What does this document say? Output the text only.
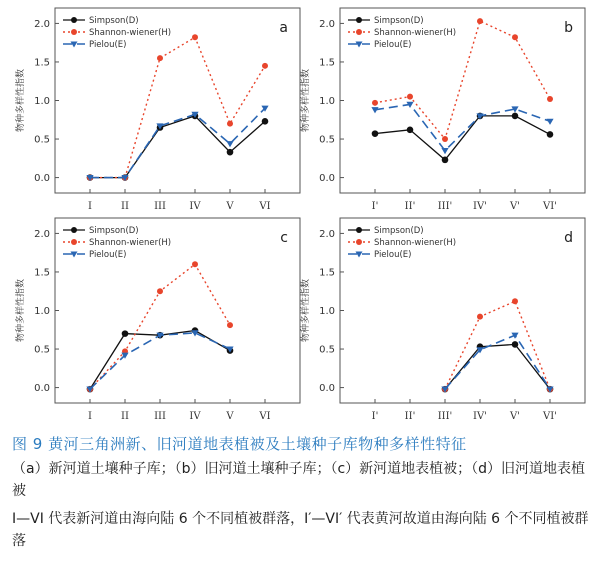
0.0
0.5
1.0
1.5
2.0
I	II	III IV	V	VI
物种多样性指数
a
Simpson(D)
Shannon-wiener(H)
Pielou(E)
0.0
0.5
1.0
1.5
2.0
I'	II' III' IV' V' VI'
物种多样性指数
b
Simpson(D)
Shannon-wiener(H)
Pielou(E)
0.0
0.5
1.0
1.5
2.0
I	II	III IV	V	VI
物种多样性指数
c
Simpson(D)
Shannon-wiener(H)
Pielou(E)
0.0
0.5
1.0
1.5
2.0
I'	II' III' IV' V' VI'
物种多样性指数
d
Simpson(D)
Shannon-wiener(H)
Pielou(E)

图 9 黄河三角洲新、旧河道地表植被及土壤种子库物种多样性特征

（a）新河道土壤种子库；（b）旧河道土壤种子库；（c）新河道地表植被；（d）旧河道地表植被

I—VI 代表新河道由海向陆 6 个不同植被群落，I′—VI′ 代表黄河故道由海向陆 6 个不同植被群落
